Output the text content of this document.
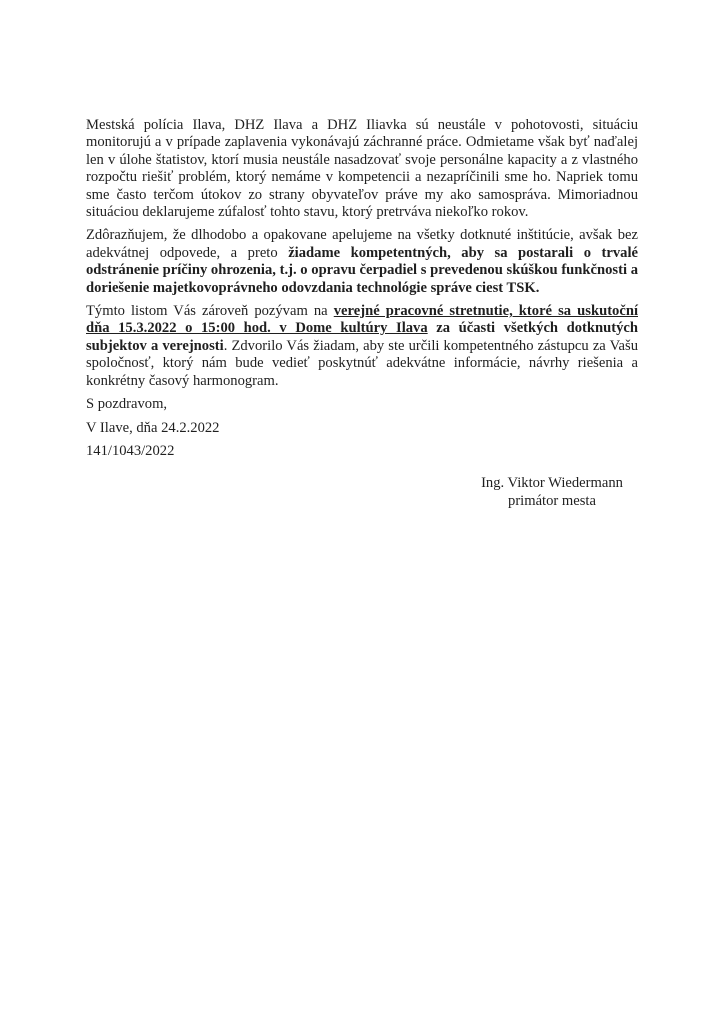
Mestská polícia Ilava, DHZ Ilava a DHZ Iliavka sú neustále v pohotovosti, situáciu monitorujú a v prípade zaplavenia vykonávajú záchranné práce. Odmietame však byť naďalej len v úlohe štatistov, ktorí musia neustále nasadzovať svoje personálne kapacity a z vlastného rozpočtu riešiť problém, ktorý nemáme v kompetencii a nezapríčinili sme ho. Napriek tomu sme často terčom útokov zo strany obyvateľov práve my ako samospráva. Mimoriadnou situáciou deklarujeme zúfalosť tohto stavu, ktorý pretrváva niekoľko rokov.

Zdôrazňujem, že dlhodobo a opakovane apelujeme na všetky dotknuté inštitúcie, avšak bez adekvátnej odpovede, a preto žiadame kompetentných, aby sa postarali o trvalé odstránenie príčiny ohrozenia, t.j. o opravu čerpadiel s prevedenou skúškou funkčnosti a doriešenie majetkovoprávneho odovzdania technológie správe ciest TSK.

Týmto listom Vás zároveň pozývam na verejné pracovné stretnutie, ktoré sa uskutoční dňa 15.3.2022 o 15:00 hod. v Dome kultúry Ilava za účasti všetkých dotknutých subjektov a verejnosti. Zdvorilo Vás žiadam, aby ste určili kompetentného zástupcu za Vašu spoločnosť, ktorý nám bude vedieť poskytnúť adekvátne informácie, návrhy riešenia a konkrétny časový harmonogram.

S pozdravom,

V Ilave, dňa 24.2.2022

141/1043/2022

Ing. Viktor Wiedermann
primátor mesta
